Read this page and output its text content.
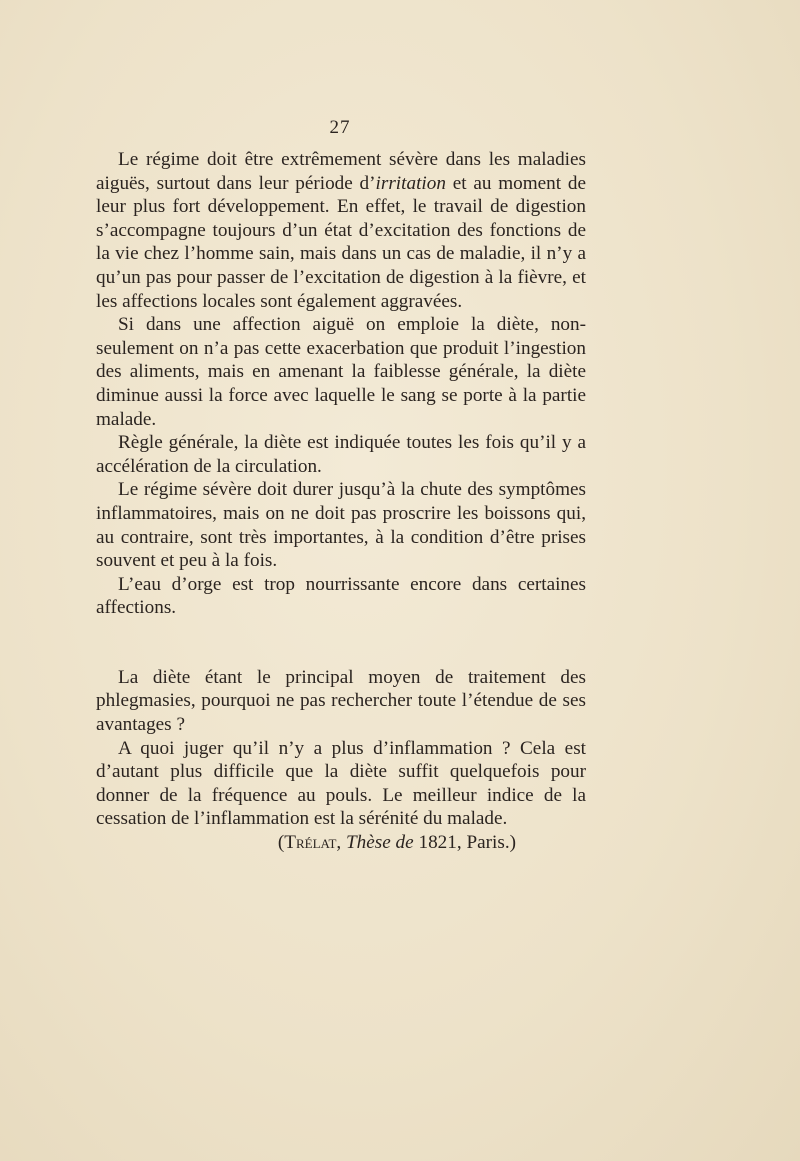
27

Le régime doit être extrêmement sévère dans les maladies aiguës, surtout dans leur période d’irritation et au moment de leur plus fort développement. En effet, le travail de digestion s’accompagne toujours d’un état d’excitation des fonctions de la vie chez l’homme sain, mais dans un cas de maladie, il n’y a qu’un pas pour passer de l’excitation de digestion à la fièvre, et les affections locales sont également aggravées.

Si dans une affection aiguë on emploie la diète, non-seulement on n’a pas cette exacerbation que produit l’ingestion des aliments, mais en amenant la faiblesse générale, la diète diminue aussi la force avec laquelle le sang se porte à la partie malade.

Règle générale, la diète est indiquée toutes les fois qu’il y a accélération de la circulation.

Le régime sévère doit durer jusqu’à la chute des symptômes inflammatoires, mais on ne doit pas proscrire les boissons qui, au contraire, sont très importantes, à la condition d’être prises souvent et peu à la fois.

L’eau d’orge est trop nourrissante encore dans certaines affections.

La diète étant le principal moyen de traitement des phlegmasies, pourquoi ne pas rechercher toute l’étendue de ses avantages ?

A quoi juger qu’il n’y a plus d’inflammation ? Cela est d’autant plus difficile que la diète suffit quelquefois pour donner de la fréquence au pouls. Le meilleur indice de la cessation de l’inflammation est la sérénité du malade.

(Trélat, Thèse de 1821, Paris.)
